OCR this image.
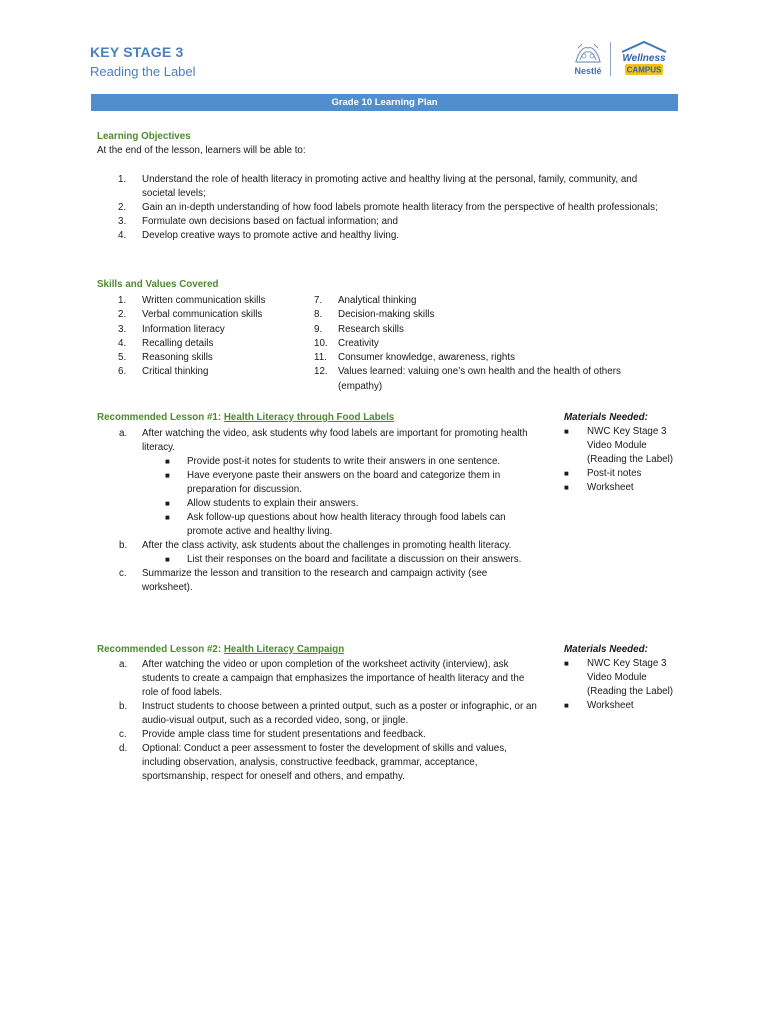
KEY STAGE 3
Reading the Label	Nestlé
Wellness
CAMPUS
Grade 10 Learning Plan
Learning Objectives
At the end of the lesson, learners will be able to:
1. Understand the role of health literacy in promoting active and healthy living at the personal, family, community, and societal levels;
2. Gain an in-depth understanding of how food labels promote health literacy from the perspective of health professionals;
3. Formulate own decisions based on factual information; and
4. Develop creative ways to promote active and healthy living.
Skills and Values Covered
1. Written communication skills
2. Verbal communication skills
3. Information literacy
4. Recalling details
5. Reasoning skills
6. Critical thinking
7. Analytical thinking
8. Decision-making skills
9. Research skills
10. Creativity
11. Consumer knowledge, awareness, rights
12. Values learned: valuing one’s own health and the health of others (empathy)
Recommended Lesson #1: Health Literacy through Food Labels
a. After watching the video, ask students why food labels are important for promoting health literacy.
■ Provide post-it notes for students to write their answers in one sentence.
■ Have everyone paste their answers on the board and categorize them in preparation for discussion.
■ Allow students to explain their answers.
■ Ask follow-up questions about how health literacy through food labels can promote active and healthy living.
b. After the class activity, ask students about the challenges in promoting health literacy.
■ List their responses on the board and facilitate a discussion on their answers.
c. Summarize the lesson and transition to the research and campaign activity (see worksheet).
Materials Needed:
■ NWC Key Stage 3 Video Module (Reading the Label)
■ Post-it notes
■ Worksheet
Recommended Lesson #2: Health Literacy Campaign
a. After watching the video or upon completion of the worksheet activity (interview), ask students to create a campaign that emphasizes the importance of health literacy and the role of food labels.
b. Instruct students to choose between a printed output, such as a poster or infographic, or an audio-visual output, such as a recorded video, song, or jingle.
c. Provide ample class time for student presentations and feedback.
d. Optional: Conduct a peer assessment to foster the development of skills and values, including observation, analysis, constructive feedback, grammar, acceptance, sportsmanship, respect for oneself and others, and empathy.
Materials Needed:
■ NWC Key Stage 3 Video Module (Reading the Label)
■ Worksheet
